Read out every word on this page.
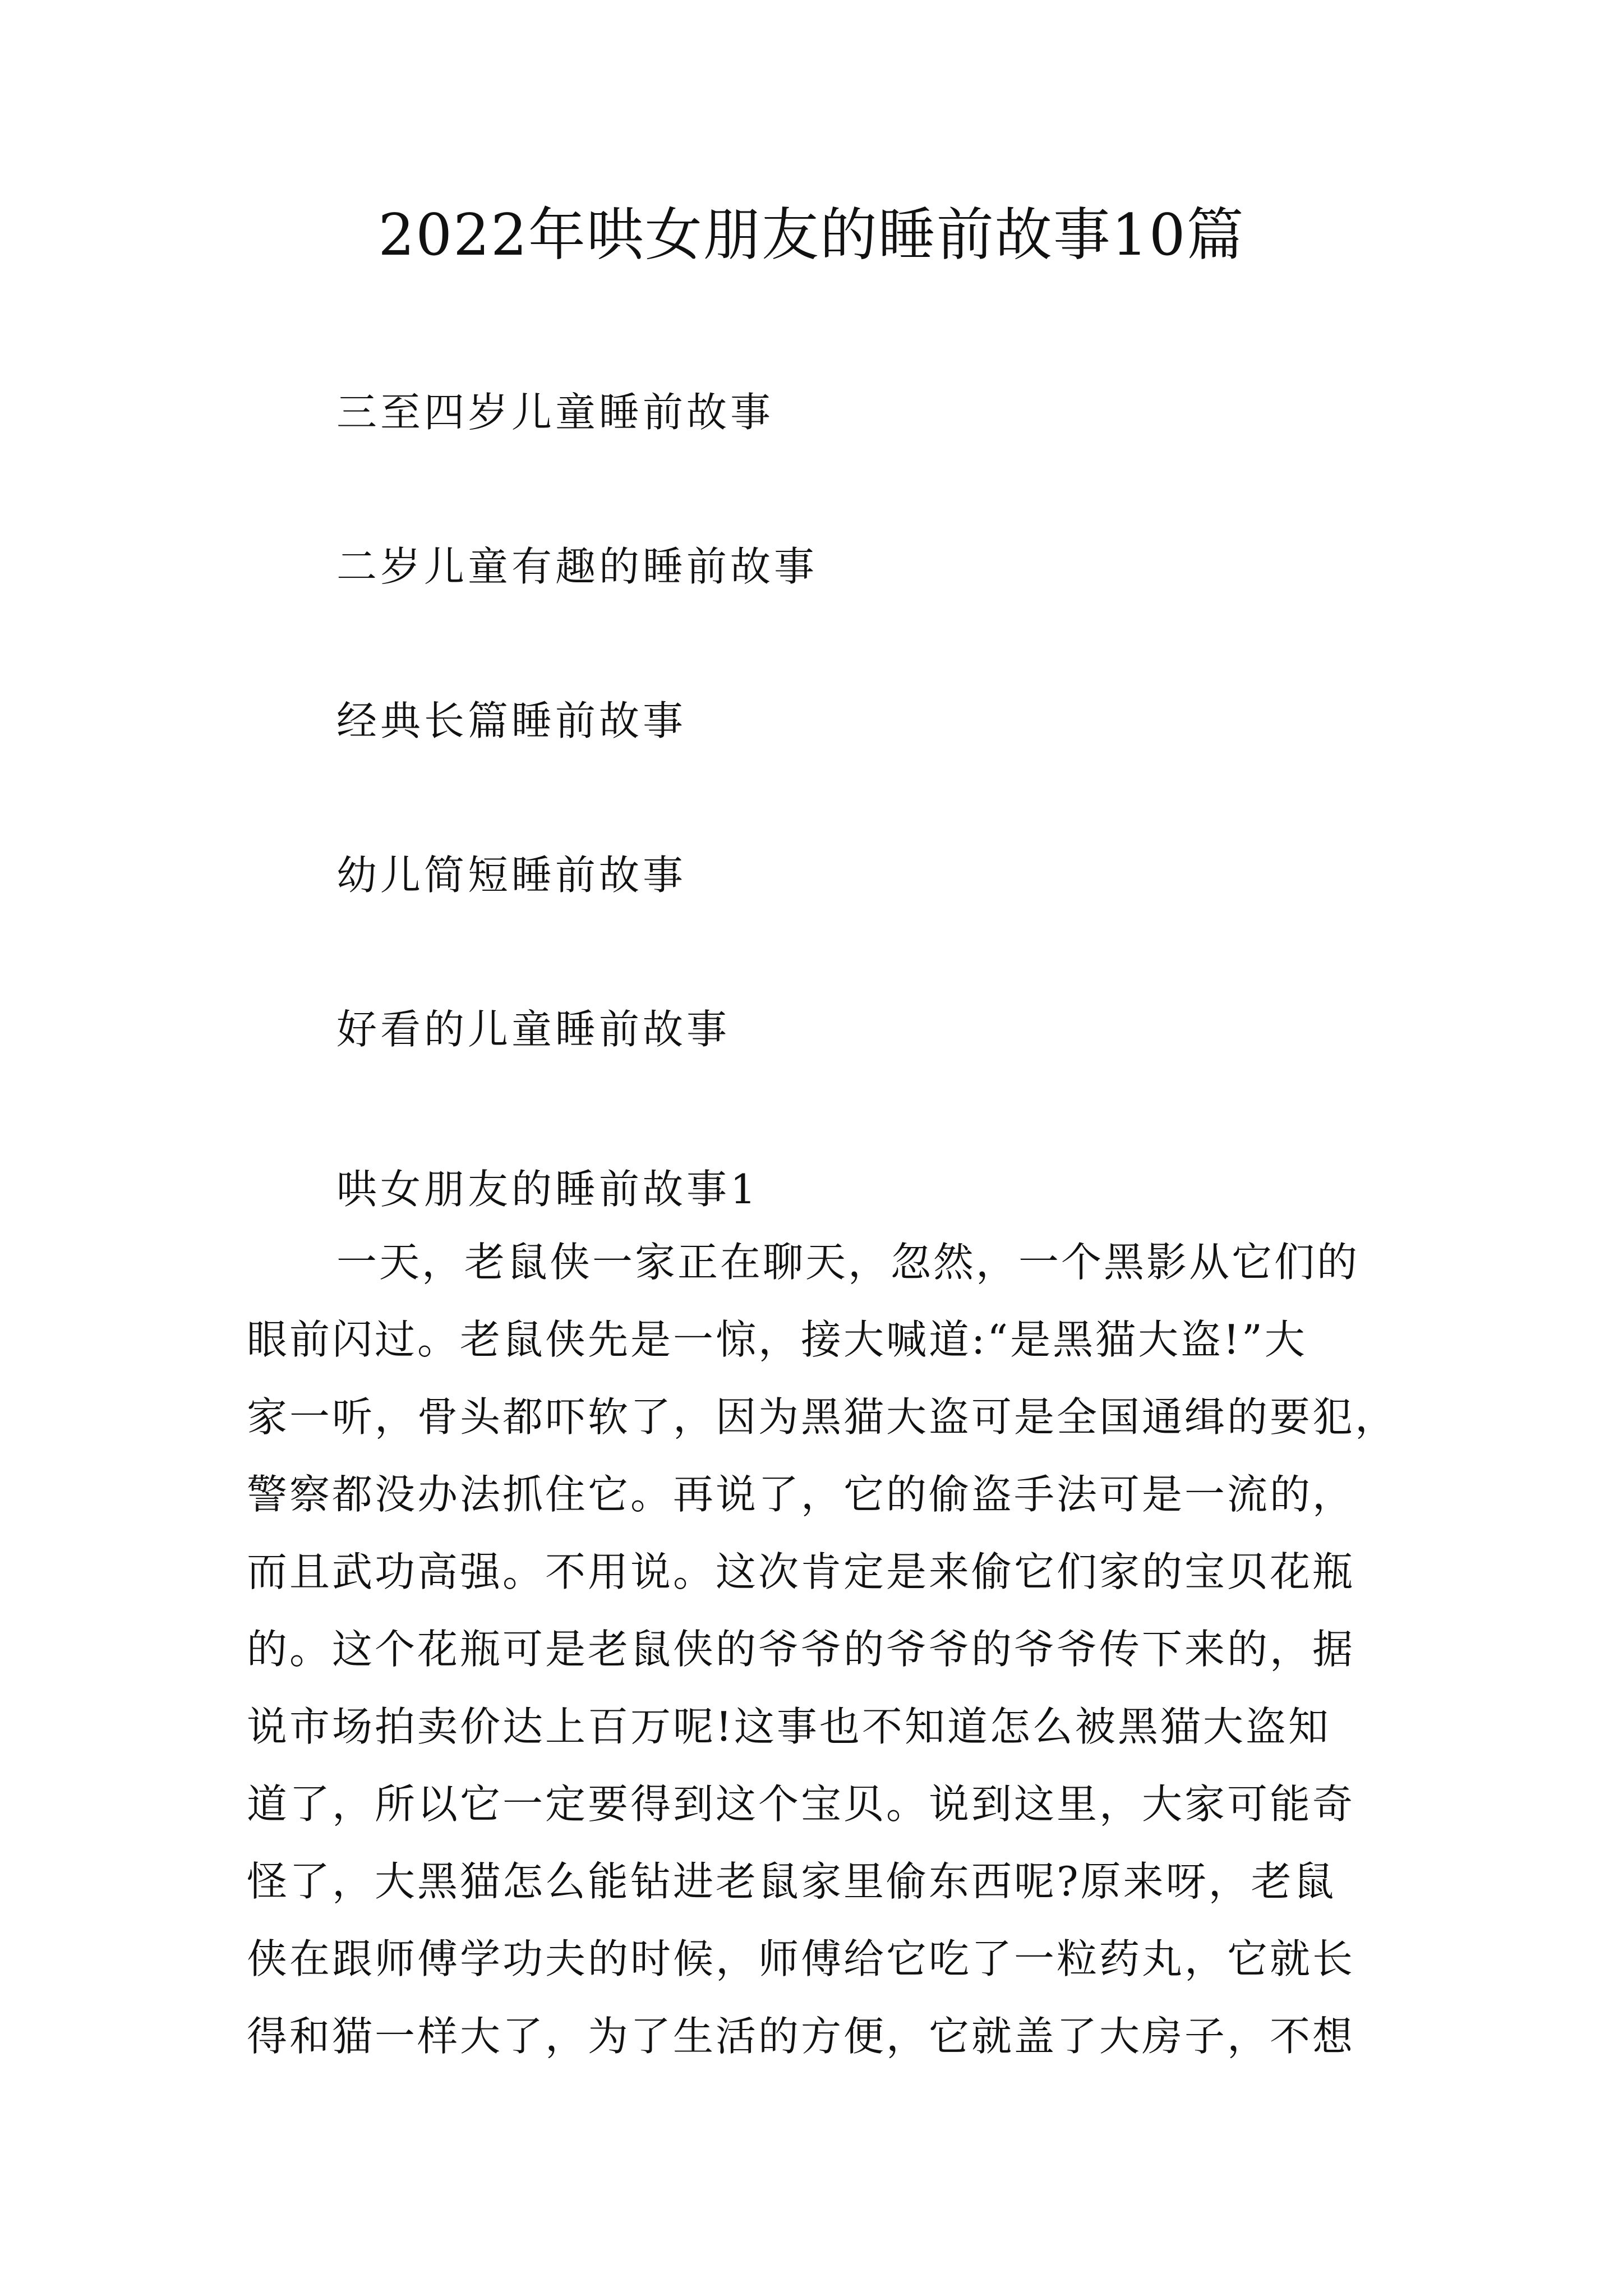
2022年哄女朋友的睡前故事10篇
三至四岁儿童睡前故事
二岁儿童有趣的睡前故事
经典长篇睡前故事
幼儿简短睡前故事
好看的儿童睡前故事
哄女朋友的睡前故事1
一天，老鼠侠一家正在聊天，忽然，一个黑影从它们的
眼前闪过。老鼠侠先是一惊，接大喊道:“是黑猫大盗!”大
家一听，骨头都吓软了，因为黑猫大盗可是全国通缉的要犯，
警察都没办法抓住它。再说了，它的偷盗手法可是一流的，
而且武功高强。不用说。这次肯定是来偷它们家的宝贝花瓶
的。这个花瓶可是老鼠侠的爷爷的爷爷的爷爷传下来的，据
说市场拍卖价达上百万呢!这事也不知道怎么被黑猫大盗知
道了，所以它一定要得到这个宝贝。说到这里，大家可能奇
怪了，大黑猫怎么能钻进老鼠家里偷东西呢?原来呀，老鼠
侠在跟师傅学功夫的时候，师傅给它吃了一粒药丸，它就长
得和猫一样大了，为了生活的方便，它就盖了大房子，不想
